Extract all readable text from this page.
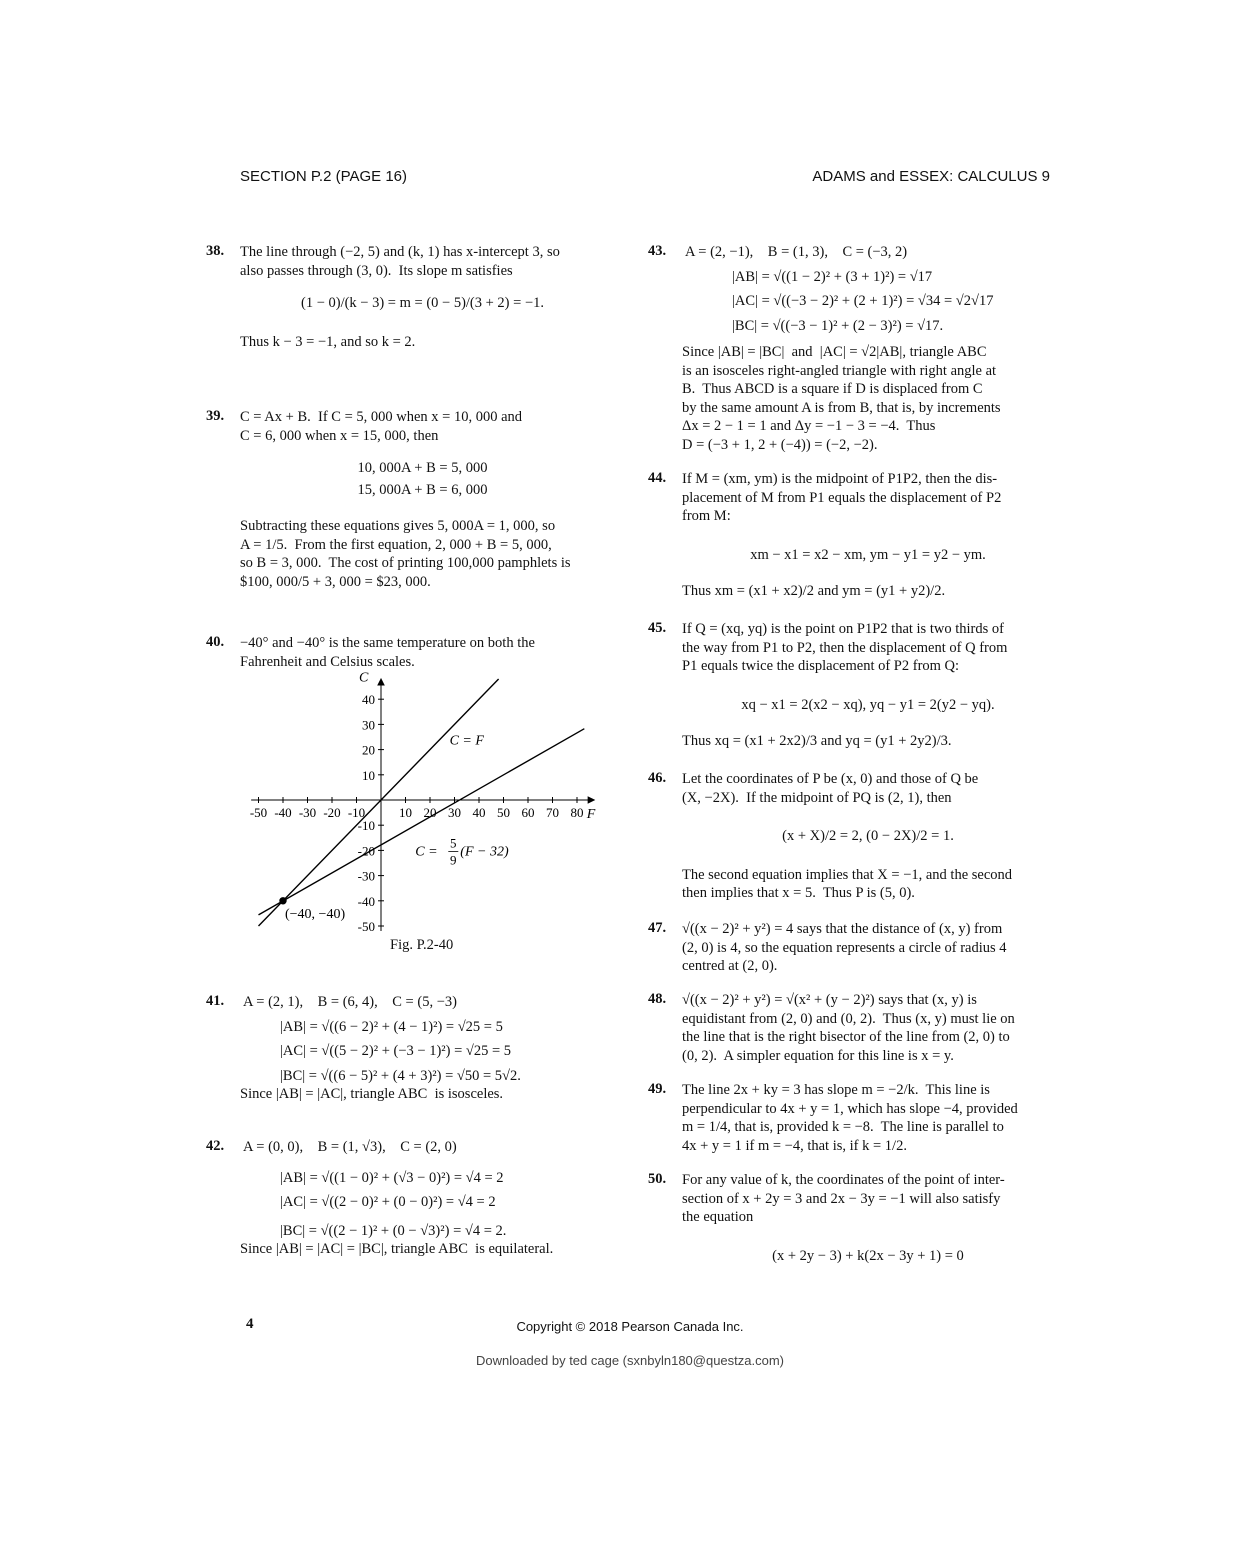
SECTION P.2 (PAGE 16)	ADAMS and ESSEX: CALCULUS 9
38. The line through (−2, 5) and (k, 1) has x-intercept 3, so
also passes through (3, 0).  Its slope m satisfies
(1 − 0)/(k − 3) = m = (0 − 5)/(3 + 2) = −1.
Thus k − 3 = −1, and so k = 2.
39. C = Ax + B.  If C = 5, 000 when x = 10, 000 and
C = 6, 000 when x = 15, 000, then
10, 000A + B = 5, 000
15, 000A + B = 6, 000
Subtracting these equations gives 5, 000A = 1, 000, so
A = 1/5.  From the first equation, 2, 000 + B = 5, 000,
so B = 3, 000.  The cost of printing 100,000 pamphlets is
$100, 000/5 + 3, 000 = $23, 000.
40. −40° and −40° is the same temperature on both the
Fahrenheit and Celsius scales.
-50 -40 -30 -20 -10	10 20 30 40 50 60 70 80
40
30
20
10
-10
-20
-30
-40
-50
F
C
(−40, −40)
C = F
C =
5
9
(F − 32)
Fig. P.2-40
41. A = (2, 1),    B = (6, 4),    C = (5, −3)
|AB| = √((6 − 2)² + (4 − 1)²) = √25 = 5
|AC| = √((5 − 2)² + (−3 − 1)²) = √25 = 5
|BC| = √((6 − 5)² + (4 + 3)²) = √50 = 5√2.
Since |AB| = |AC|, triangle ABC  is isosceles.
42. A = (0, 0),    B = (1, √3),    C = (2, 0)
|AB| = √((1 − 0)² + (√3 − 0)²) = √4 = 2
|AC| = √((2 − 0)² + (0 − 0)²) = √4 = 2
|BC| = √((2 − 1)² + (0 − √3)²) = √4 = 2.
Since |AB| = |AC| = |BC|, triangle ABC  is equilateral.
43. A = (2, −1),    B = (1, 3),    C = (−3, 2)
|AB| = √((1 − 2)² + (3 + 1)²) = √17
|AC| = √((−3 − 2)² + (2 + 1)²) = √34 = √2√17
|BC| = √((−3 − 1)² + (2 − 3)²) = √17.
Since |AB| = |BC|  and  |AC| = √2|AB|, triangle ABC
is an isosceles right-angled triangle with right angle at
B.  Thus ABCD is a square if D is displaced from C
by the same amount A is from B, that is, by increments
Δx = 2 − 1 = 1 and Δy = −1 − 3 = −4.  Thus
D = (−3 + 1, 2 + (−4)) = (−2, −2).
44. If M = (xm, ym) is the midpoint of P1P2, then the dis-
placement of M from P1 equals the displacement of P2
from M:
xm − x1 = x2 − xm, ym − y1 = y2 − ym.
Thus xm = (x1 + x2)/2 and ym = (y1 + y2)/2.
45. If Q = (xq, yq) is the point on P1P2 that is two thirds of
the way from P1 to P2, then the displacement of Q from
P1 equals twice the displacement of P2 from Q:
xq − x1 = 2(x2 − xq), yq − y1 = 2(y2 − yq).
Thus xq = (x1 + 2x2)/3 and yq = (y1 + 2y2)/3.
46. Let the coordinates of P be (x, 0) and those of Q be
(X, −2X).  If the midpoint of PQ is (2, 1), then
(x + X)/2 = 2, (0 − 2X)/2 = 1.
The second equation implies that X = −1, and the second
then implies that x = 5.  Thus P is (5, 0).
47. √((x − 2)² + y²) = 4 says that the distance of (x, y) from
(2, 0) is 4, so the equation represents a circle of radius 4
centred at (2, 0).
48. √((x − 2)² + y²) = √(x² + (y − 2)²) says that (x, y) is
equidistant from (2, 0) and (0, 2).  Thus (x, y) must lie on
the line that is the right bisector of the line from (2, 0) to
(0, 2).  A simpler equation for this line is x = y.
49. The line 2x + ky = 3 has slope m = −2/k.  This line is
perpendicular to 4x + y = 1, which has slope −4, provided
m = 1/4, that is, provided k = −8.  The line is parallel to
4x + y = 1 if m = −4, that is, if k = 1/2.
50. For any value of k, the coordinates of the point of inter-
section of x + 2y = 3 and 2x − 3y = −1 will also satisfy
the equation
(x + 2y − 3) + k(2x − 3y + 1) = 0
4	Copyright © 2018 Pearson Canada Inc.
Downloaded by ted cage (sxnbyln180@questza.com)
